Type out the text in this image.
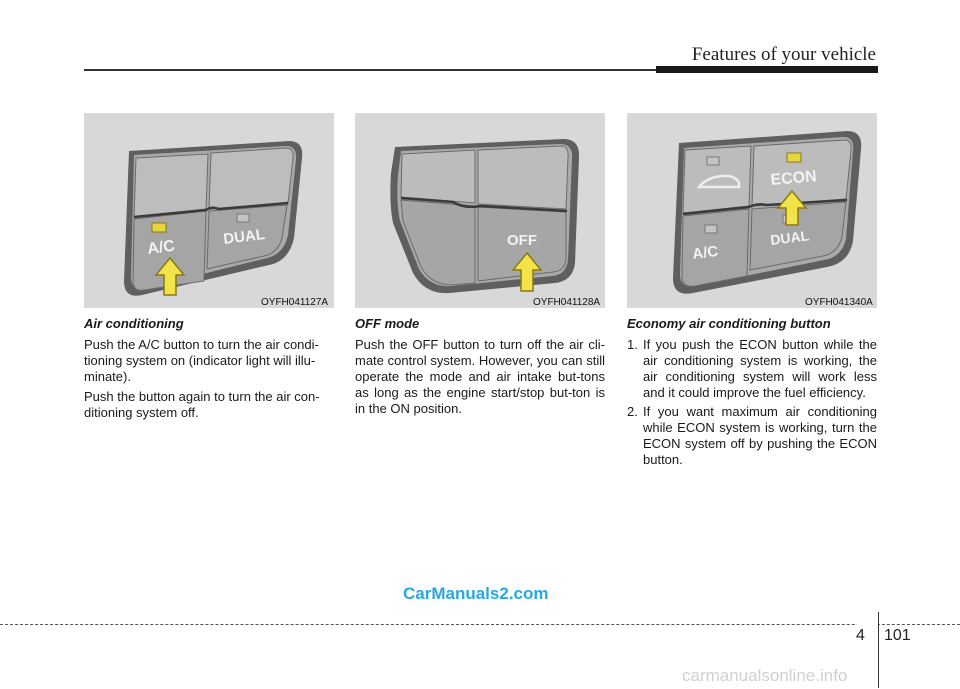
Features of your vehicle
A/C	DUAL
OYFH041127A
OFF
OYFH041128A
ECON
A/C
DUAL
OYFH041340A
Air conditioning

Push the A/C button to turn the air condi-tioning system on (indicator light will illu-minate).

Push the button again to turn the air con-ditioning system off.

OFF mode

Push the OFF button to turn off the air cli-mate control system. However, you can still operate the mode and air intake but-tons as long as the engine start/stop but-ton is in the ON position.

Economy air conditioning button
1. If you push the ECON button while the air conditioning system is working, the air conditioning system will work less and it could improve the fuel efficiency.
2. If you want maximum air conditioning while ECON system is working, turn the ECON system off by pushing the ECON button.
CarManuals2.com
4 101
carmanualsonline.info
